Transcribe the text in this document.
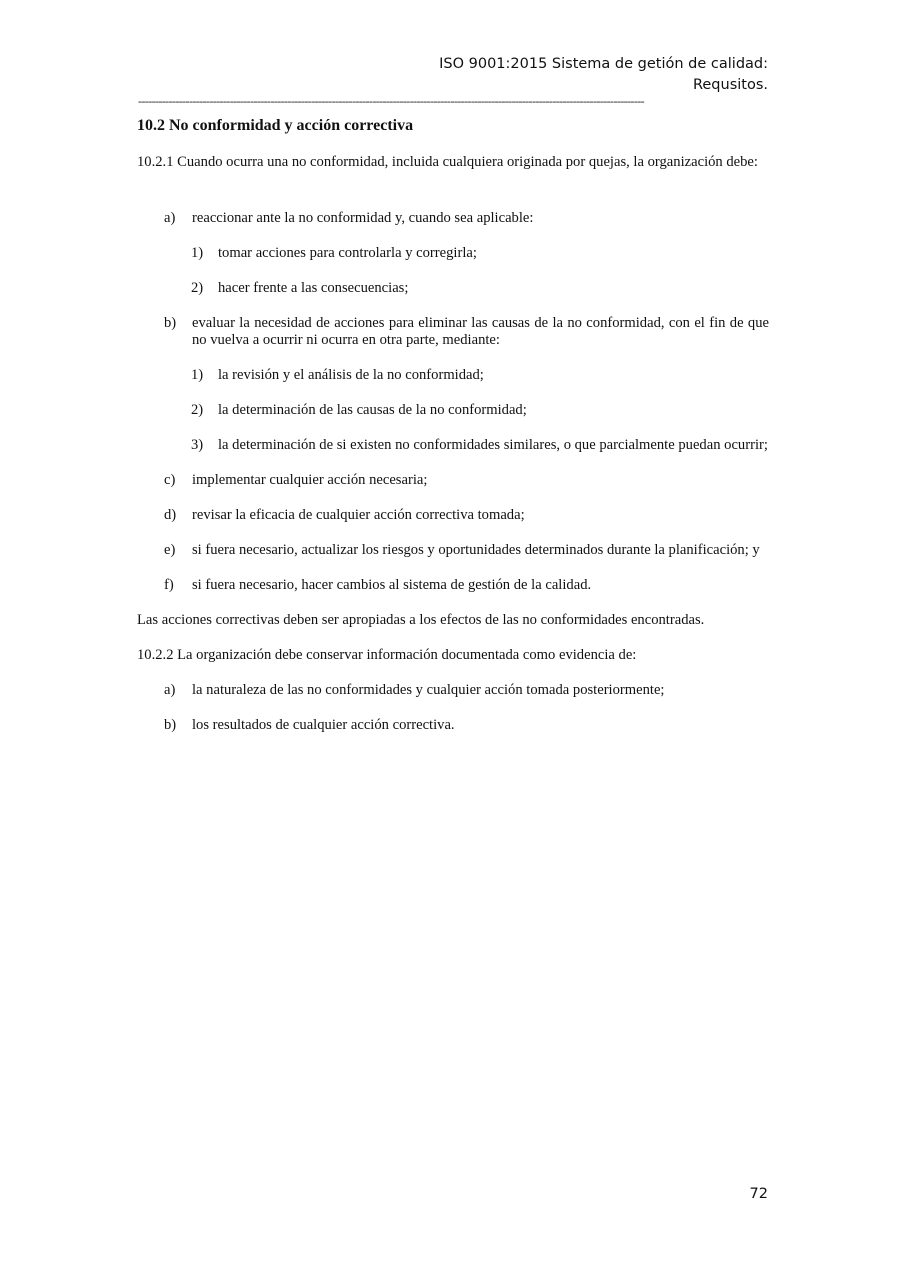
ISO 9001:2015 Sistema de getión de calidad:
Requsitos.
-----------------------------------------------------------------------------------------------------------------------------------------------------
10.2 No conformidad y acción correctiva

10.2.1 Cuando ocurra una no conformidad, incluida cualquiera originada por quejas, la organización debe:

a)	reaccionar ante la no conformidad y, cuando sea aplicable:
1)	tomar acciones para controlarla y corregirla;
2)	hacer frente a las consecuencias;
b)	evaluar la necesidad de acciones para eliminar las causas de la no conformidad, con el fin de que no vuelva a ocurrir ni ocurra en otra parte, mediante:
1)	la revisión y el análisis de la no conformidad;
2)	la determinación de las causas de la no conformidad;
3)	la determinación de si existen no conformidades similares, o que parcialmente puedan ocurrir;
c)	implementar cualquier acción necesaria;
d)	revisar la eficacia de cualquier acción correctiva tomada;
e)	si fuera necesario, actualizar los riesgos y oportunidades determinados durante la planificación; y
f)	si fuera necesario, hacer cambios al sistema de gestión de la calidad.

Las acciones correctivas deben ser apropiadas a los efectos de las no conformidades encontradas.

10.2.2 La organización debe conservar información documentada como evidencia de:

a)	la naturaleza de las no conformidades y cualquier acción tomada posteriormente;
b)	los resultados de cualquier acción correctiva.
72
